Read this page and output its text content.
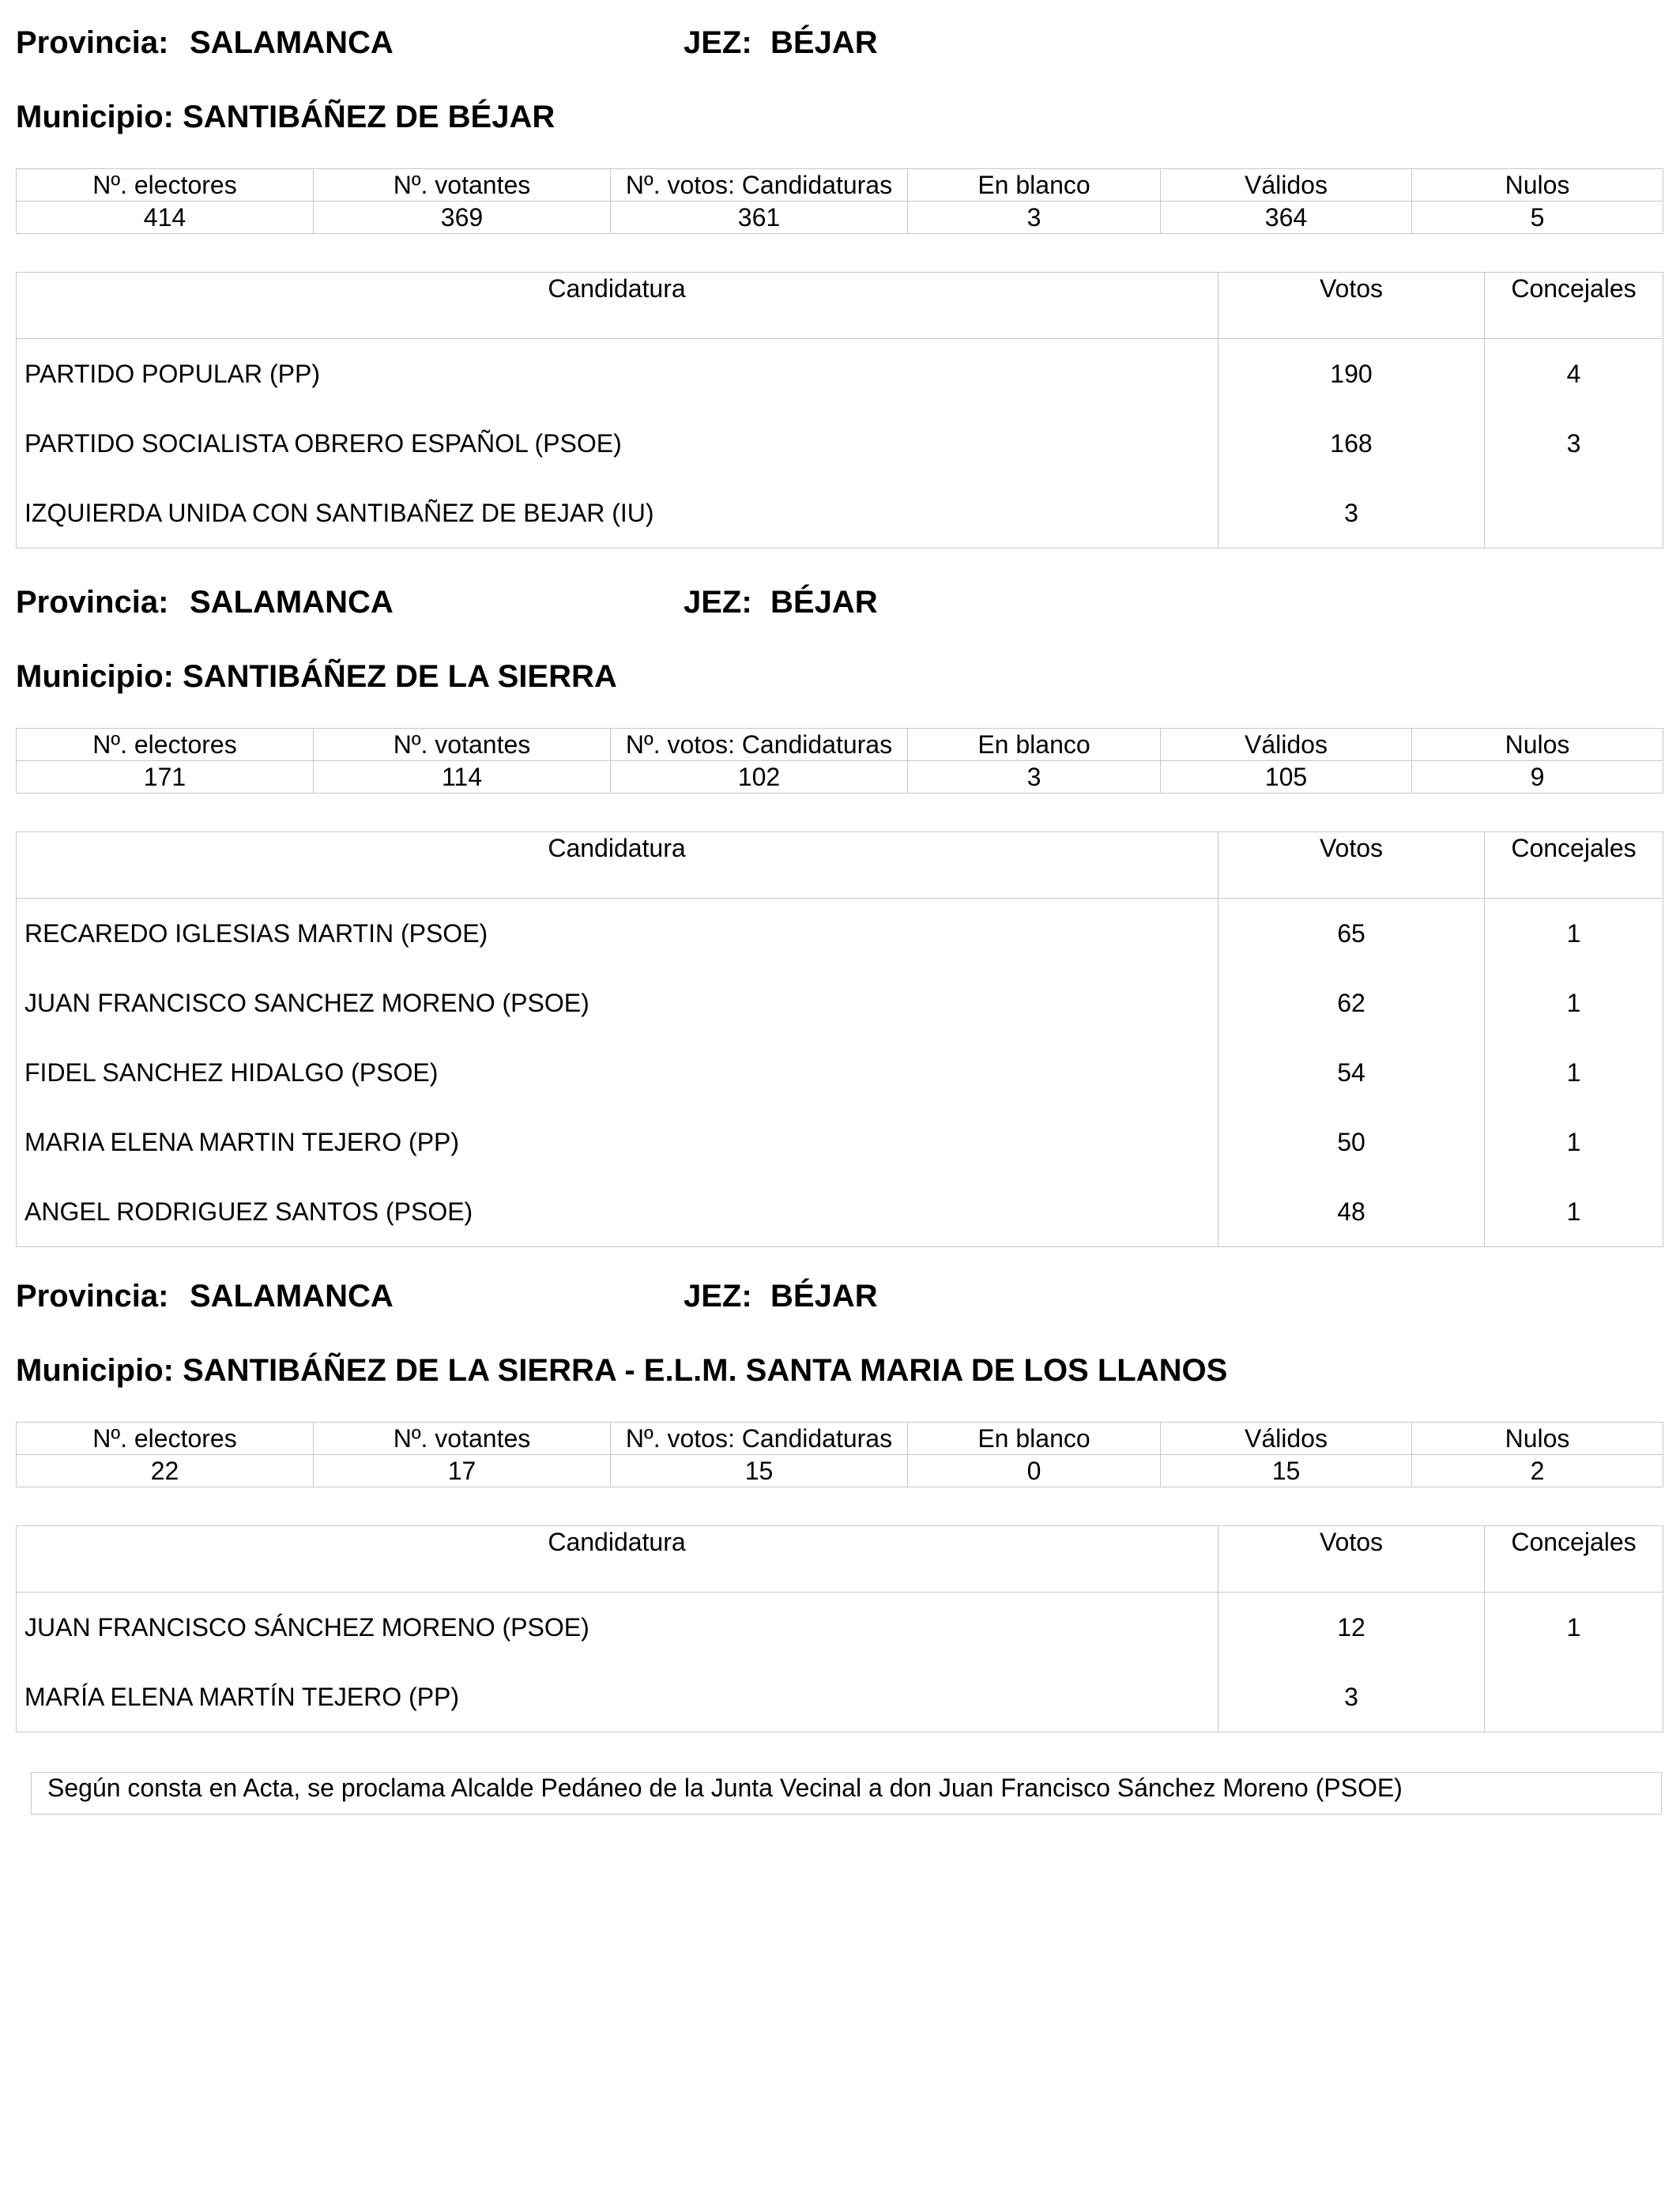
Provincia: SALAMANCA	JEZ: BÉJAR
Municipio: SANTIBÁÑEZ DE BÉJAR
Nº. electores	Nº. votantes	Nº. votos: Candidaturas	En blanco	Válidos	Nulos
414	369	361	3	364	5
Candidatura	Votos	Concejales
PARTIDO POPULAR (PP)	190	4
PARTIDO SOCIALISTA OBRERO ESPAÑOL (PSOE)	168	3
IZQUIERDA UNIDA CON SANTIBAÑEZ DE BEJAR (IU)	3	
Provincia: SALAMANCA	JEZ: BÉJAR
Municipio: SANTIBÁÑEZ DE LA SIERRA
Nº. electores	Nº. votantes	Nº. votos: Candidaturas	En blanco	Válidos	Nulos
171	114	102	3	105	9
Candidatura	Votos	Concejales
RECAREDO IGLESIAS MARTIN (PSOE)	65	1
JUAN FRANCISCO SANCHEZ MORENO (PSOE)	62	1
FIDEL SANCHEZ HIDALGO (PSOE)	54	1
MARIA ELENA MARTIN TEJERO (PP)	50	1
ANGEL RODRIGUEZ SANTOS (PSOE)	48	1
Provincia: SALAMANCA	JEZ: BÉJAR
Municipio: SANTIBÁÑEZ DE LA SIERRA - E.L.M. SANTA MARIA DE LOS LLANOS
Nº. electores	Nº. votantes	Nº. votos: Candidaturas	En blanco	Válidos	Nulos
22	17	15	0	15	2
Candidatura	Votos	Concejales
JUAN FRANCISCO SÁNCHEZ MORENO (PSOE)	12	1
MARÍA ELENA MARTÍN TEJERO (PP)	3	
Según consta en Acta, se proclama Alcalde Pedáneo de la Junta Vecinal a don Juan Francisco Sánchez Moreno (PSOE)
